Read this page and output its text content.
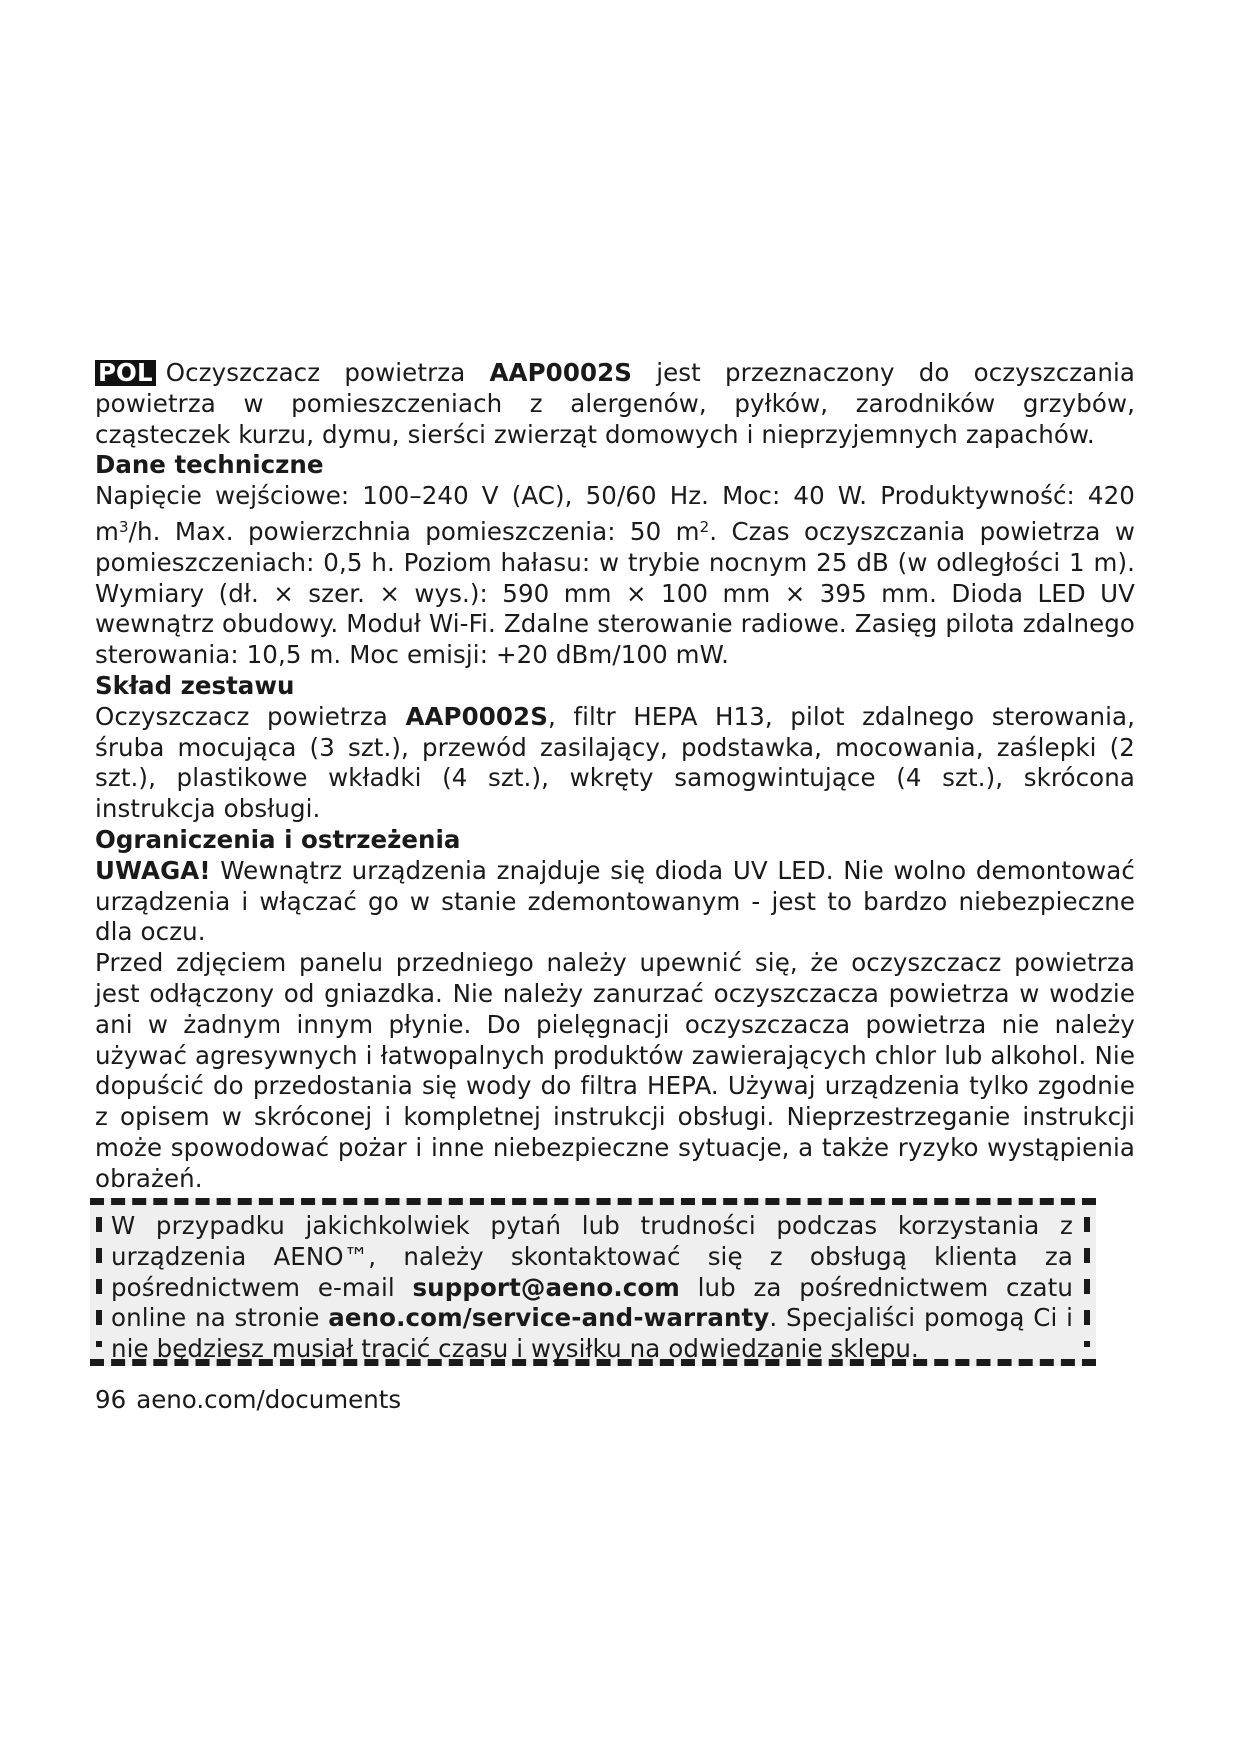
POL Oczyszczacz powietrza AAP0002S jest przeznaczony do oczyszczania powietrza w pomieszczeniach z alergenów, pyłków, zarodników grzybów, cząsteczek kurzu, dymu, sierści zwierząt domowych i nieprzyjemnych zapachów.

Dane techniczne

Napięcie wejściowe: 100–240 V (AC), 50/60 Hz. Moc: 40 W. Produktywność: 420 $m^3/h$. Max. powierzchnia pomieszczenia: 50 $m^2$. Czas oczyszczania powietrza w pomieszczeniach: 0,5 h. Poziom hałasu: w trybie nocnym 25 dB (w odległości 1 m). Wymiary (dł. × szer. × wys.): 590 mm × 100 mm × 395 mm. Dioda LED UV wewnątrz obudowy. Moduł Wi-Fi. Zdalne sterowanie radiowe. Zasięg pilota zdalnego sterowania: 10,5 m. Moc emisji: +20 dBm/100 mW.

Skład zestawu

Oczyszczacz powietrza AAP0002S, filtr HEPA H13, pilot zdalnego sterowania, śruba mocująca (3 szt.), przewód zasilający, podstawka, mocowania, zaślepki (2 szt.), plastikowe wkładki (4 szt.), wkręty samogwintujące (4 szt.), skrócona instrukcja obsługi.

Ograniczenia i ostrzeżenia

UWAGA! Wewnątrz urządzenia znajduje się dioda UV LED. Nie wolno demontować urządzenia i włączać go w stanie zdemontowanym - jest to bardzo niebezpieczne dla oczu.

Przed zdjęciem panelu przedniego należy upewnić się, że oczyszczacz powietrza jest odłączony od gniazdka. Nie należy zanurzać oczyszczacza powietrza w wodzie ani w żadnym innym płynie. Do pielęgnacji oczyszczacza powietrza nie należy używać agresywnych i łatwopalnych produktów zawierających chlor lub alkohol. Nie dopuścić do przedostania się wody do filtra HEPA. Używaj urządzenia tylko zgodnie z opisem w skróconej i kompletnej instrukcji obsługi. Nieprzestrzeganie instrukcji może spowodować pożar i inne niebezpieczne sytuacje, a także ryzyko wystąpienia obrażeń.

W przypadku jakichkolwiek pytań lub trudności podczas korzystania z urządzenia AENO™, należy skontaktować się z obsługą klienta za pośrednictwem e-mail support@aeno.com lub za pośrednictwem czatu online na stronie aeno.com/service-and-warranty. Specjaliści pomogą Ci i nie będziesz musiał tracić czasu i wysiłku na odwiedzanie sklepu.

96 aeno.com/documents
